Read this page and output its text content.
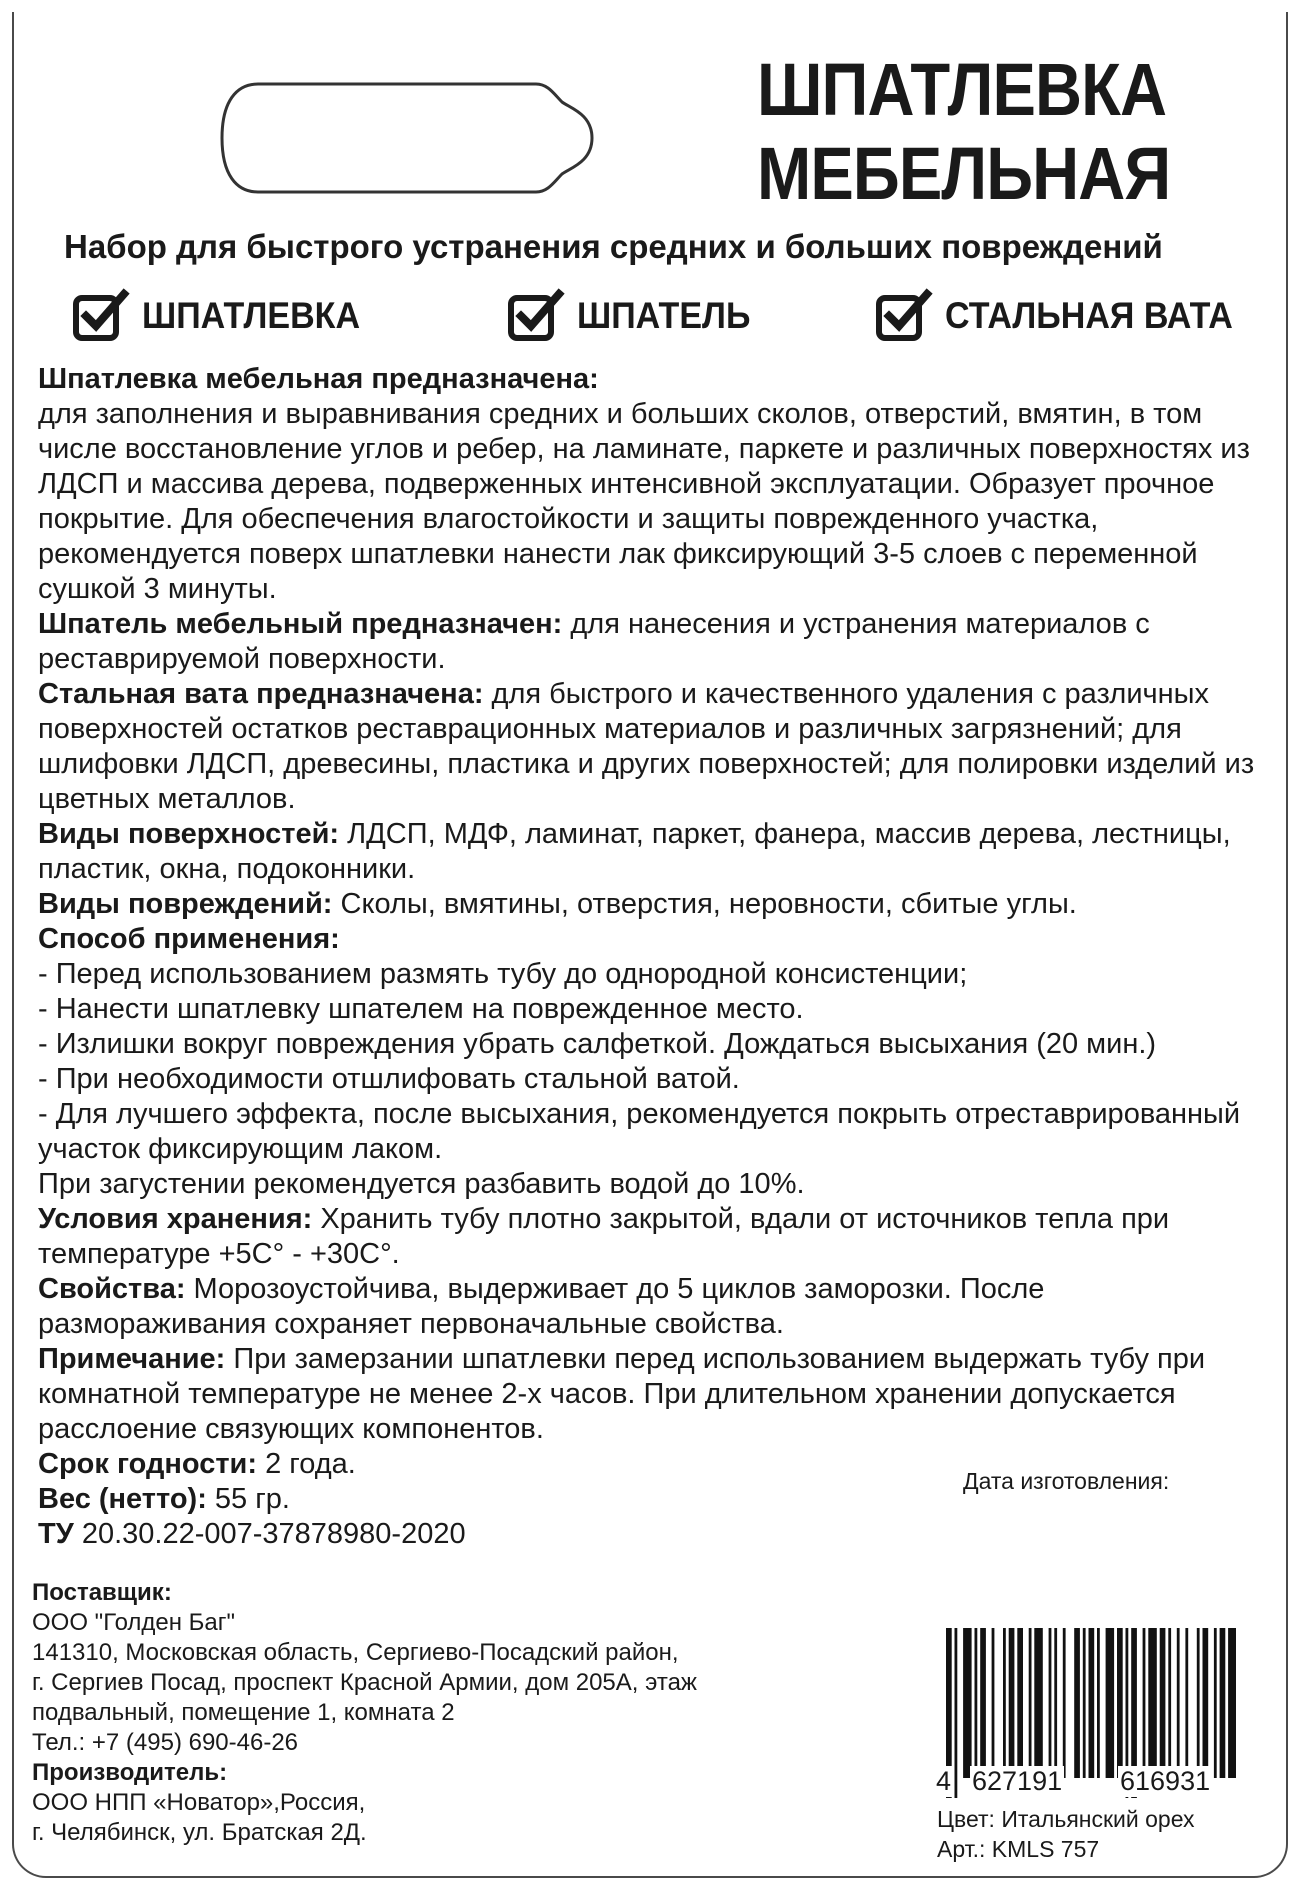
ШПАТЛЕВКА
МЕБЕЛЬНАЯ
Набор для быстрого устранения средних и больших повреждений
ШПАТЛЕВКА	ШПАТЕЛЬ	СТАЛЬНАЯ ВАТА

Шпатлевка мебельная предназначена:
для заполнения и выравнивания средних и больших сколов, отверстий, вмятин, в том числе восстановление углов и ребер, на ламинате, паркете и различных поверхностях из ЛДСП и массива дерева, подверженных интенсивной эксплуатации. Образует прочное покрытие. Для обеспечения влагостойкости и защиты поврежденного участка, рекомендуется поверх шпатлевки нанести лак фиксирующий 3-5 слоев с переменной сушкой 3 минуты.

Шпатель мебельный предназначен: для нанесения и устранения материалов с реставрируемой поверхности.

Стальная вата предназначена: для быстрого и качественного удаления с различных поверхностей остатков реставрационных материалов и различных загрязнений; для шлифовки ЛДСП, древесины, пластика и других поверхностей; для полировки изделий из цветных металлов.

Виды поверхностей: ЛДСП, МДФ, ламинат, паркет, фанера, массив дерева, лестницы, пластик, окна, подоконники.

Виды повреждений: Сколы, вмятины, отверстия, неровности, сбитые углы.

Способ применения:

- Перед использованием размять тубу до однородной консистенции;

- Нанести шпатлевку шпателем на поврежденное место.

- Излишки вокруг повреждения убрать салфеткой. Дождаться высыхания (20 мин.)

- При необходимости отшлифовать стальной ватой.

- Для лучшего эффекта, после высыхания, рекомендуется покрыть отреставрированный участок фиксирующим лаком.

При загустении рекомендуется разбавить водой до 10%.

Условия хранения: Хранить тубу плотно закрытой, вдали от источников тепла при температуре +5С° - +30С°.

Свойства: Морозоустойчива, выдерживает до 5 циклов заморозки. После размораживания сохраняет первоначальные свойства.

Примечание: При замерзании шпатлевки перед использованием выдержать тубу при комнатной температуре не менее 2-х часов. При длительном хранении допускается расслоение связующих компонентов.

Срок годности: 2 года.

Вес (нетто): 55 гр.

ТУ 20.30.22-007-37878980-2020

Дата изготовления:

Поставщик:

ООО "Голден Баг"

141310, Московская область, Сергиево-Посадский район,

г. Сергиев Посад, проспект Красной Армии, дом 205А, этаж

подвальный, помещение 1, комната 2

Тел.: +7 (495) 690-46-26

Производитель:

ООО НПП «Новатор»,Россия,

г. Челябинск, ул. Братская 2Д.

4 627191 616931

Цвет: Итальянский орех

Арт.: KMLS 757
